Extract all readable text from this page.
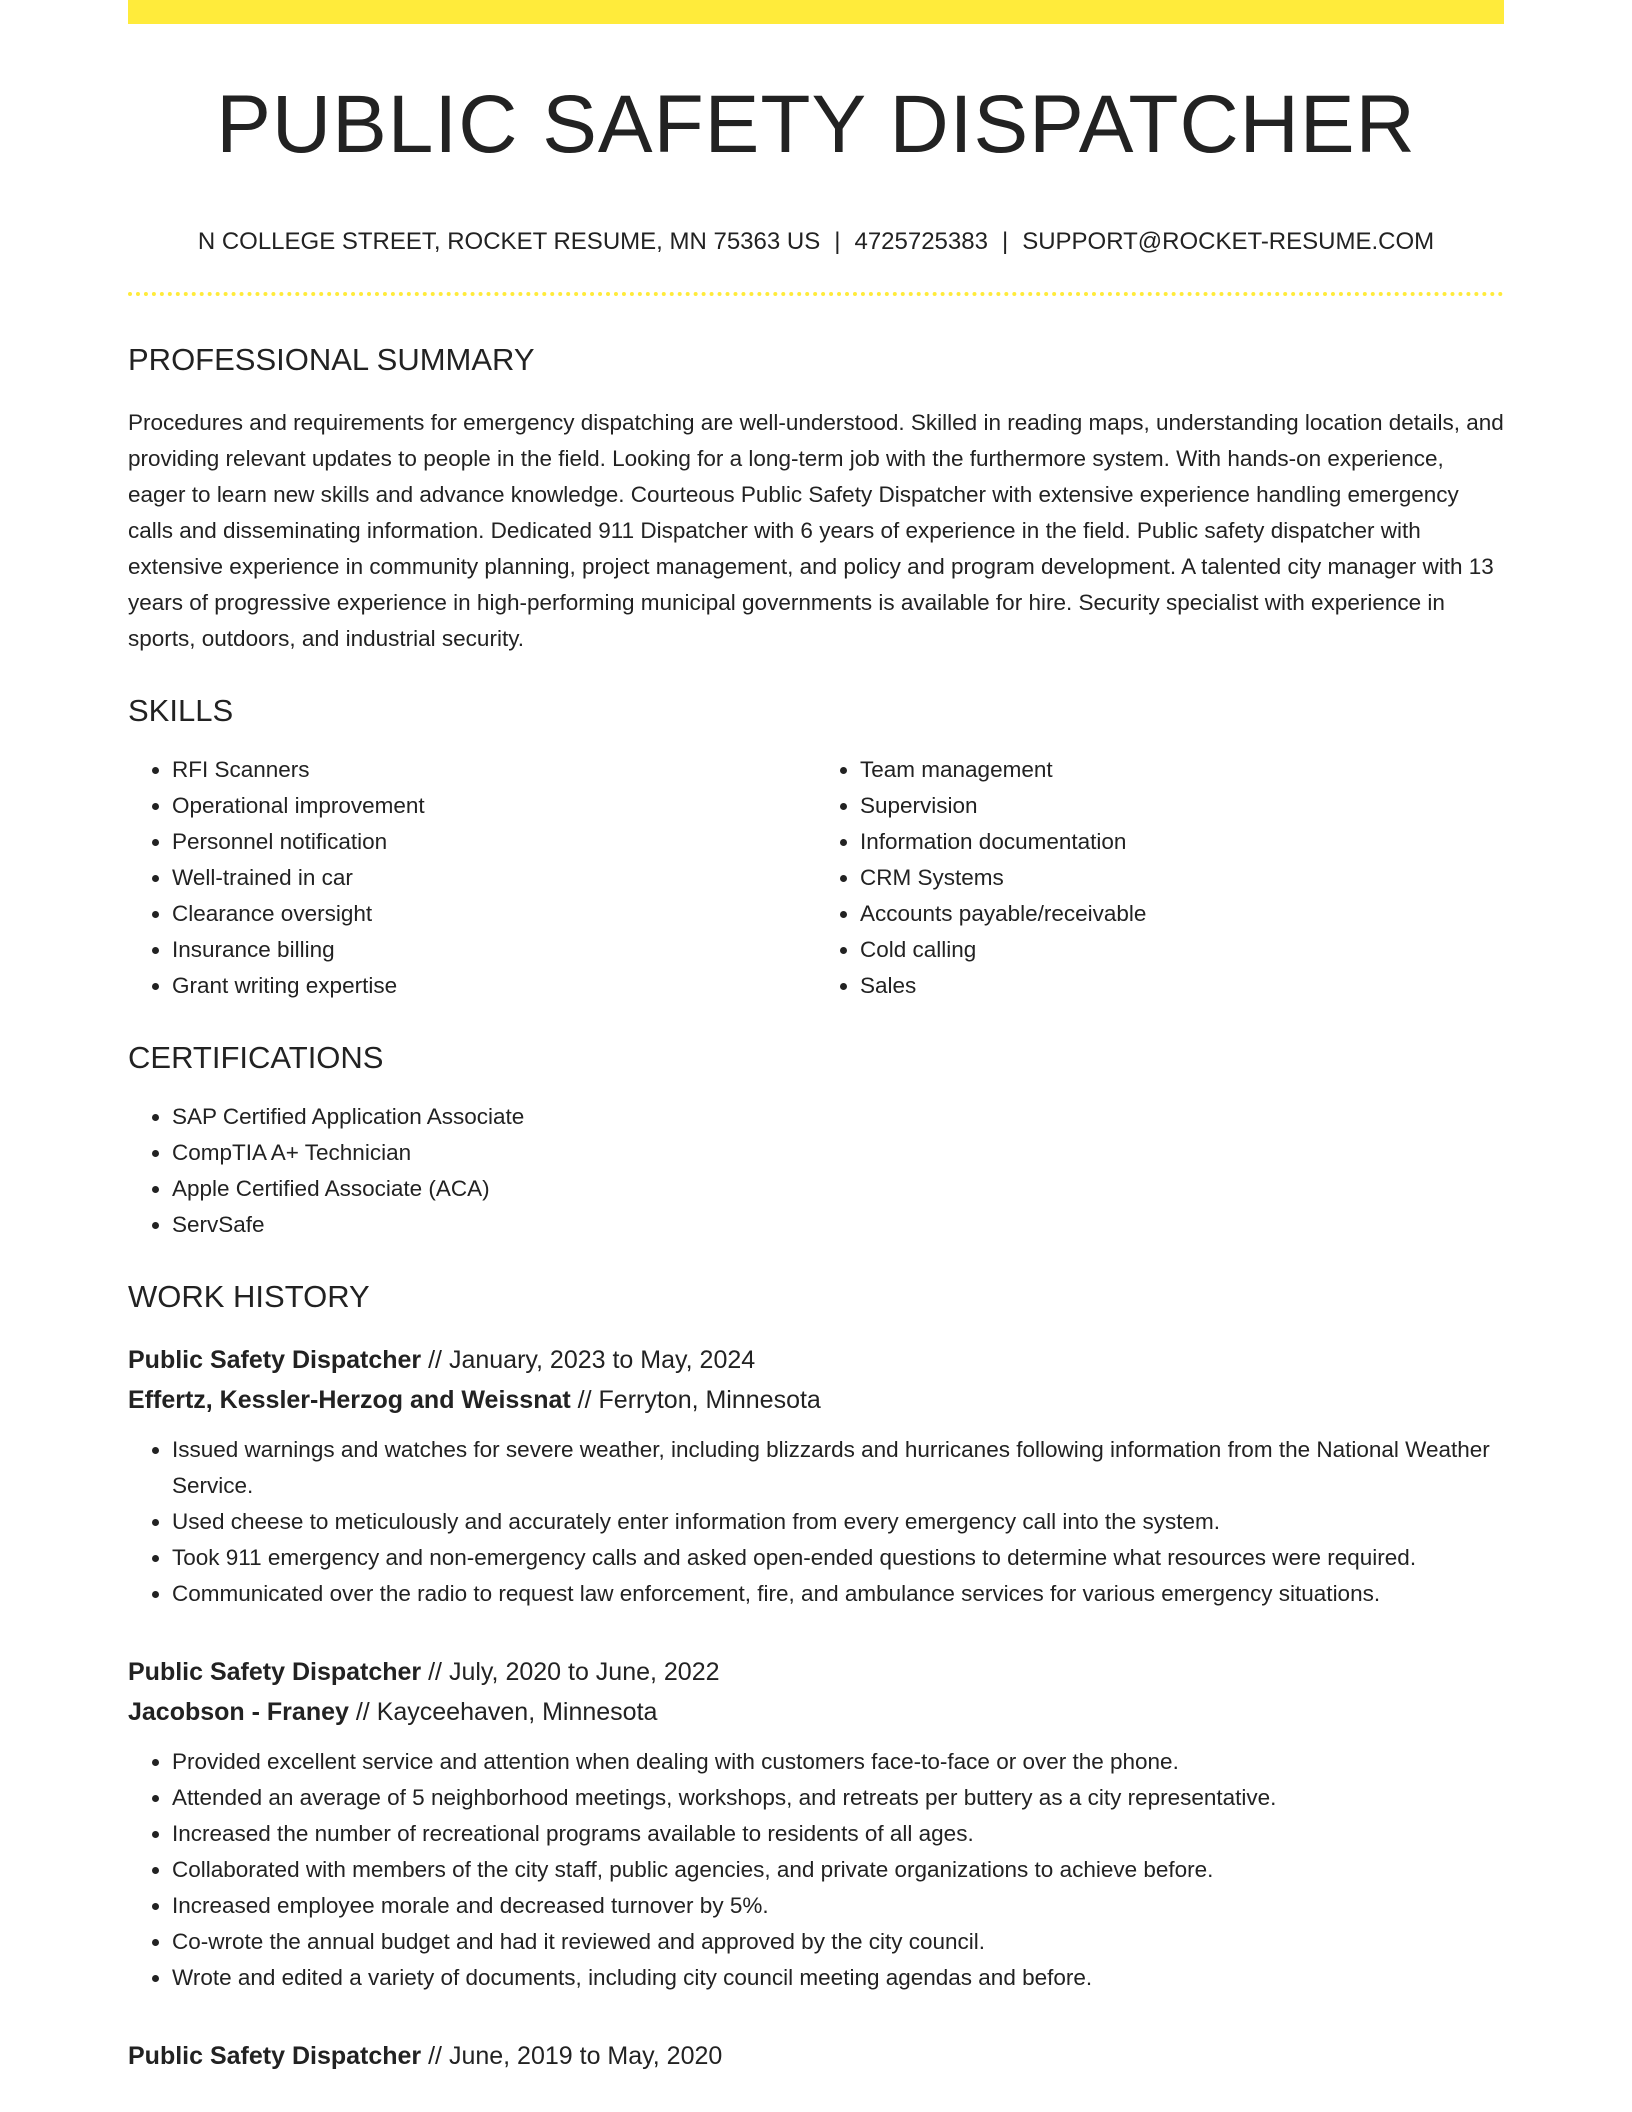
PUBLIC SAFETY DISPATCHER
N COLLEGE STREET, ROCKET RESUME, MN 75363 US | 4725725383 | SUPPORT@ROCKET-RESUME.COM
PROFESSIONAL SUMMARY

Procedures and requirements for emergency dispatching are well-understood. Skilled in reading maps, understanding location details, and providing relevant updates to people in the field. Looking for a long-term job with the furthermore system. With hands-on experience, eager to learn new skills and advance knowledge. Courteous Public Safety Dispatcher with extensive experience handling emergency calls and disseminating information. Dedicated 911 Dispatcher with 6 years of experience in the field. Public safety dispatcher with extensive experience in community planning, project management, and policy and program development. A talented city manager with 13 years of progressive experience in high-performing municipal governments is available for hire. Security specialist with experience in sports, outdoors, and industrial security.

SKILLS
• RFI Scanners
• Operational improvement
• Personnel notification
• Well-trained in car
• Clearance oversight
• Insurance billing
• Grant writing expertise
• Team management
• Supervision
• Information documentation
• CRM Systems
• Accounts payable/receivable
• Cold calling
• Sales
CERTIFICATIONS
• SAP Certified Application Associate
• CompTIA A+ Technician
• Apple Certified Associate (ACA)
• ServSafe
WORK HISTORY
Public Safety Dispatcher // January, 2023 to May, 2024
Effertz, Kessler-Herzog and Weissnat // Ferryton, Minnesota
• Issued warnings and watches for severe weather, including blizzards and hurricanes following information from the National Weather Service.
• Used cheese to meticulously and accurately enter information from every emergency call into the system.
• Took 911 emergency and non-emergency calls and asked open-ended questions to determine what resources were required.
• Communicated over the radio to request law enforcement, fire, and ambulance services for various emergency situations.
Public Safety Dispatcher // July, 2020 to June, 2022
Jacobson - Franey // Kayceehaven, Minnesota
• Provided excellent service and attention when dealing with customers face-to-face or over the phone.
• Attended an average of 5 neighborhood meetings, workshops, and retreats per buttery as a city representative.
• Increased the number of recreational programs available to residents of all ages.
• Collaborated with members of the city staff, public agencies, and private organizations to achieve before.
• Increased employee morale and decreased turnover by 5%.
• Co-wrote the annual budget and had it reviewed and approved by the city council.
• Wrote and edited a variety of documents, including city council meeting agendas and before.
Public Safety Dispatcher // June, 2019 to May, 2020
